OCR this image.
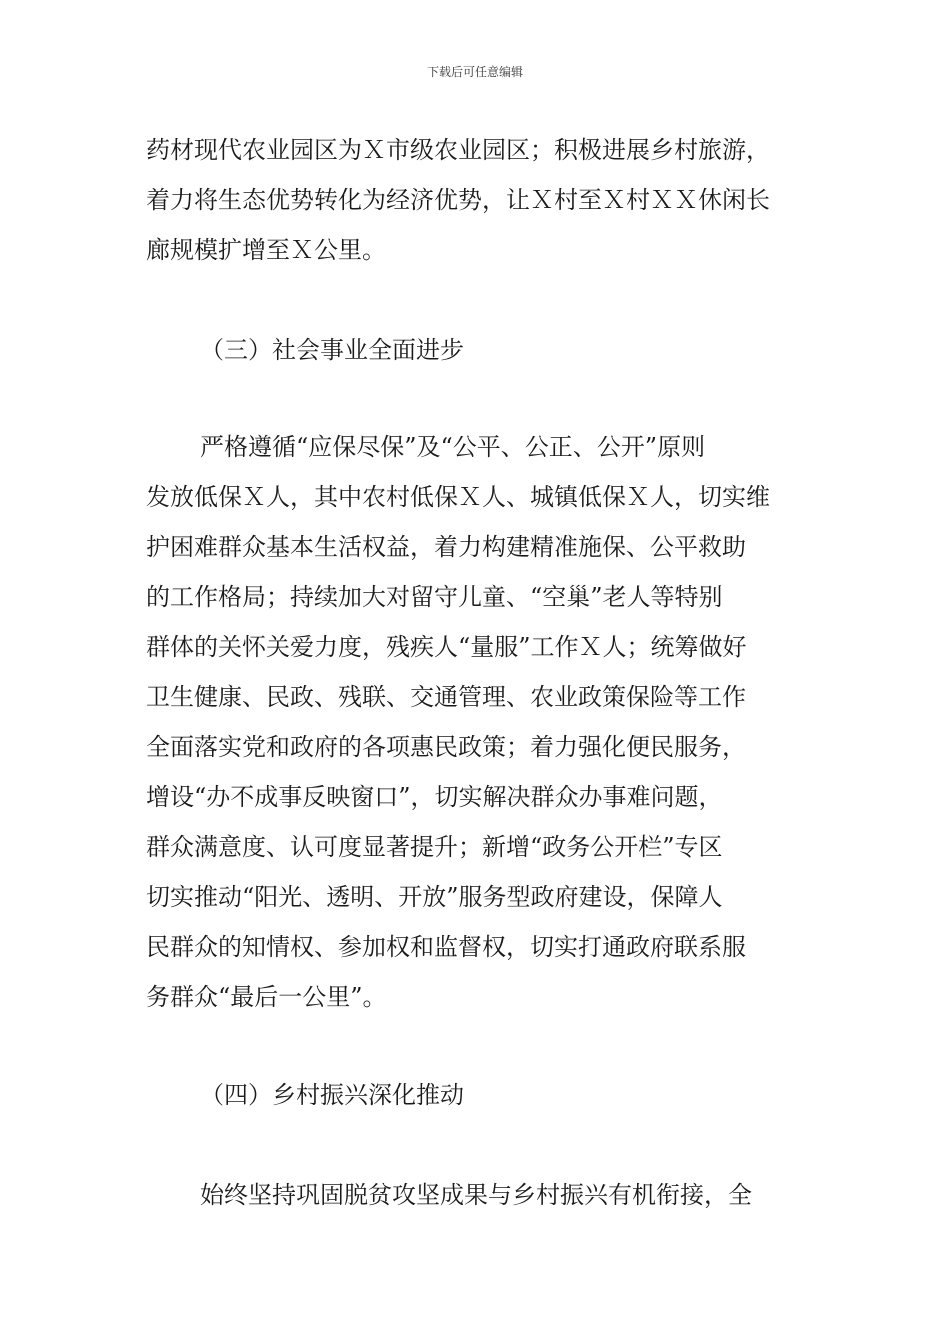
下载后可任意编辑
药材现代农业园区为Ｘ市级农业园区；积极进展乡村旅游，
着力将生态优势转化为经济优势，让Ｘ村至Ｘ村ＸＸ休闲长
廊规模扩增至Ｘ公里。
（三）社会事业全面进步
严格遵循“应保尽保”及“公平、公正、公开”原则
发放低保Ｘ人，其中农村低保Ｘ人、城镇低保Ｘ人，切实维
护困难群众基本生活权益，着力构建精准施保、公平救助
的工作格局；持续加大对留守儿童、“空巢”老人等特别
群体的关怀关爱力度，残疾人“量服”工作Ｘ人；统筹做好
卫生健康、民政、残联、交通管理、农业政策保险等工作
全面落实党和政府的各项惠民政策；着力强化便民服务，
增设“办不成事反映窗口”，切实解决群众办事难问题，
群众满意度、认可度显著提升；新增“政务公开栏”专区
切实推动“阳光、透明、开放”服务型政府建设，保障人
民群众的知情权、参加权和监督权，切实打通政府联系服
务群众“最后一公里”。
（四）乡村振兴深化推动
始终坚持巩固脱贫攻坚成果与乡村振兴有机衔接，全
